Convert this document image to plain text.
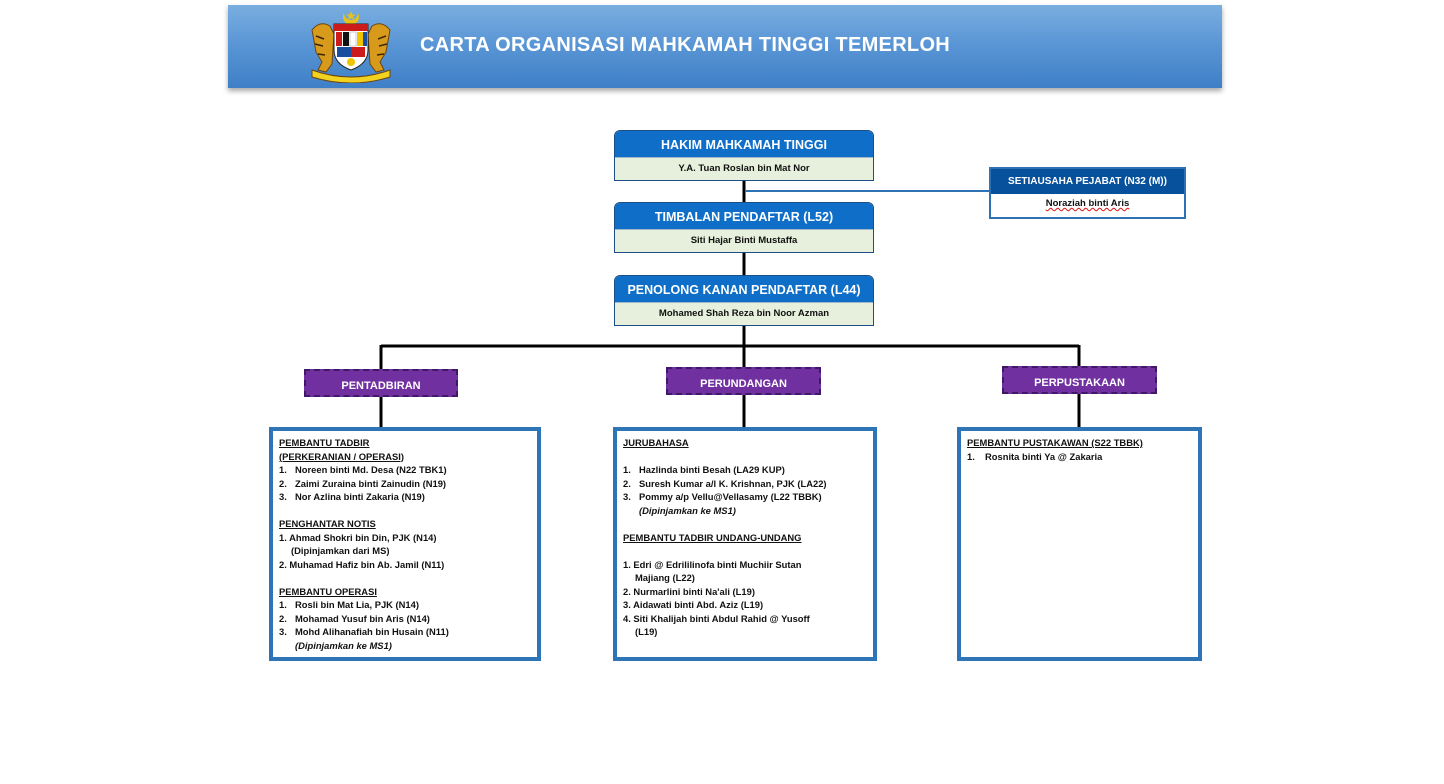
CARTA ORGANISASI MAHKAMAH TINGGI TEMERLOH
HAKIM MAHKAMAH TINGGI
Y.A. Tuan Roslan bin Mat Nor
TIMBALAN PENDAFTAR (L52)
Siti Hajar Binti Mustaffa
PENOLONG KANAN PENDAFTAR (L44)
Mohamed Shah Reza bin Noor Azman
SETIAUSAHA PEJABAT (N32 (M))
Noraziah binti Aris
PENTADBIRAN	PERUNDANGAN	PERPUSTAKAAN
PEMBANTU TADBIR
(PERKERANIAN / OPERASI)
1. Noreen binti Md. Desa (N22 TBK1)
2. Zaimi Zuraina binti Zainudin (N19)
3. Nor Azlina binti Zakaria (N19)
PENGHANTAR NOTIS
1. Ahmad Shokri bin Din, PJK (N14)
(Dipinjamkan dari MS)
2. Muhamad Hafiz bin Ab. Jamil (N11)
PEMBANTU OPERASI
1. Rosli bin Mat Lia, PJK (N14)
2. Mohamad Yusuf bin Aris (N14)
3. Mohd Alihanafiah bin Husain (N11)
(Dipinjamkan ke MS1)
JURUBAHASA
1. Hazlinda binti Besah (LA29 KUP)
2. Suresh Kumar a/l K. Krishnan, PJK (LA22)
3. Pommy a/p Vellu@Vellasamy (L22 TBBK)
(Dipinjamkan ke MS1)
PEMBANTU TADBIR UNDANG-UNDANG
1. Edri @ Edrililinofa binti Muchiir Sutan
Majiang (L22)
2. Nurmarlini binti Na'ali (L19)
3. Aidawati binti Abd. Aziz (L19)
4. Siti Khalijah binti Abdul Rahid @ Yusoff
(L19)
PEMBANTU PUSTAKAWAN (S22 TBBK)
1. Rosnita binti Ya @ Zakaria
